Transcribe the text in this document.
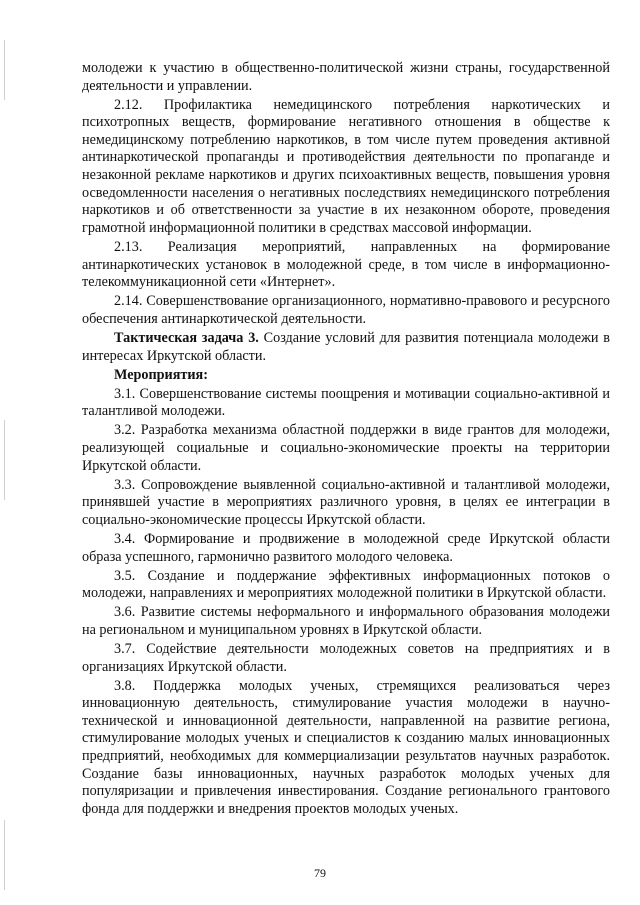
молодежи к участию в общественно-политической жизни страны, государственной деятельности и управлении.

2.12. Профилактика немедицинского потребления наркотических и психотропных веществ, формирование негативного отношения в обществе к немедицинскому потреблению наркотиков, в том числе путем проведения активной антинаркотической пропаганды и противодействия деятельности по пропаганде и незаконной рекламе наркотиков и других психоактивных веществ, повышения уровня осведомленности населения о негативных последствиях немедицинского потребления наркотиков и об ответственности за участие в их незаконном обороте, проведения грамотной информационной политики в средствах массовой информации.

2.13. Реализация мероприятий, направленных на формирование антинаркотических установок в молодежной среде, в том числе в информационно-телекоммуникационной сети «Интернет».

2.14. Совершенствование организационного, нормативно-правового и ресурсного обеспечения антинаркотической деятельности.

Тактическая задача 3. Создание условий для развития потенциала молодежи в интересах Иркутской области.

Мероприятия:

3.1. Совершенствование системы поощрения и мотивации социально-активной и талантливой молодежи.

3.2. Разработка механизма областной поддержки в виде грантов для молодежи, реализующей социальные и социально-экономические проекты на территории Иркутской области.

3.3. Сопровождение выявленной социально-активной и талантливой молодежи, принявшей участие в мероприятиях различного уровня, в целях ее интеграции в социально-экономические процессы Иркутской области.

3.4. Формирование и продвижение в молодежной среде Иркутской области образа успешного, гармонично развитого молодого человека.

3.5. Создание и поддержание эффективных информационных потоков о молодежи, направлениях и мероприятиях молодежной политики в Иркутской области.

3.6. Развитие системы неформального и информального образования молодежи на региональном и муниципальном уровнях в Иркутской области.

3.7. Содействие деятельности молодежных советов на предприятиях и в организациях Иркутской области.

3.8. Поддержка молодых ученых, стремящихся реализоваться через инновационную деятельность, стимулирование участия молодежи в научно-технической и инновационной деятельности, направленной на развитие региона, стимулирование молодых ученых и специалистов к созданию малых инновационных предприятий, необходимых для коммерциализации результатов научных разработок. Создание базы инновационных, научных разработок молодых ученых для популяризации и привлечения инвестирования. Создание регионального грантового фонда для поддержки и внедрения проектов молодых ученых.

79
